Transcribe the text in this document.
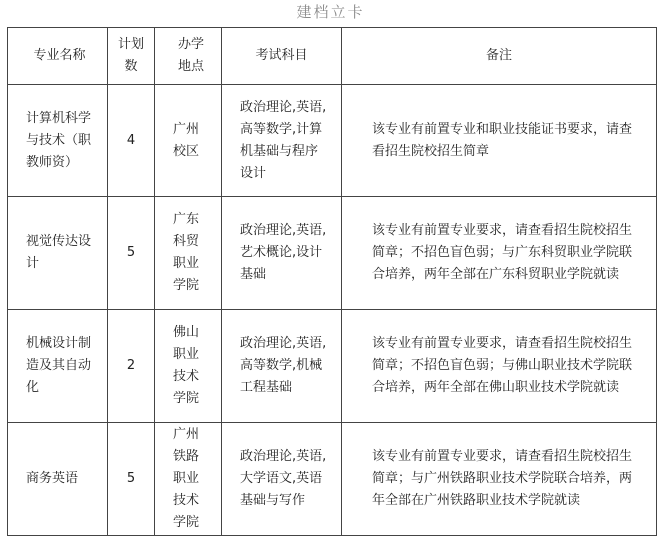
建档立卡
专业名称	计划数	办学地点	考试科目	备注
计算机科学与技术（职教师资）	4	广州校区	政治理论,英语,高等数学,计算机基础与程序设计	该专业有前置专业和职业技能证书要求，请查看招生院校招生简章
视觉传达设计	5	广东科贸职业学院	政治理论,英语,艺术概论,设计基础	该专业有前置专业要求，请查看招生院校招生简章；不招色盲色弱；与广东科贸职业学院联合培养，两年全部在广东科贸职业学院就读
机械设计制造及其自动化	2	佛山职业技术学院	政治理论,英语,高等数学,机械工程基础	该专业有前置专业要求，请查看招生院校招生简章；不招色盲色弱；与佛山职业技术学院联合培养，两年全部在佛山职业技术学院就读
商务英语	5	广州铁路职业技术学院	政治理论,英语,大学语文,英语基础与写作	该专业有前置专业要求，请查看招生院校招生简章；与广州铁路职业技术学院联合培养，两年全部在广州铁路职业技术学院就读
